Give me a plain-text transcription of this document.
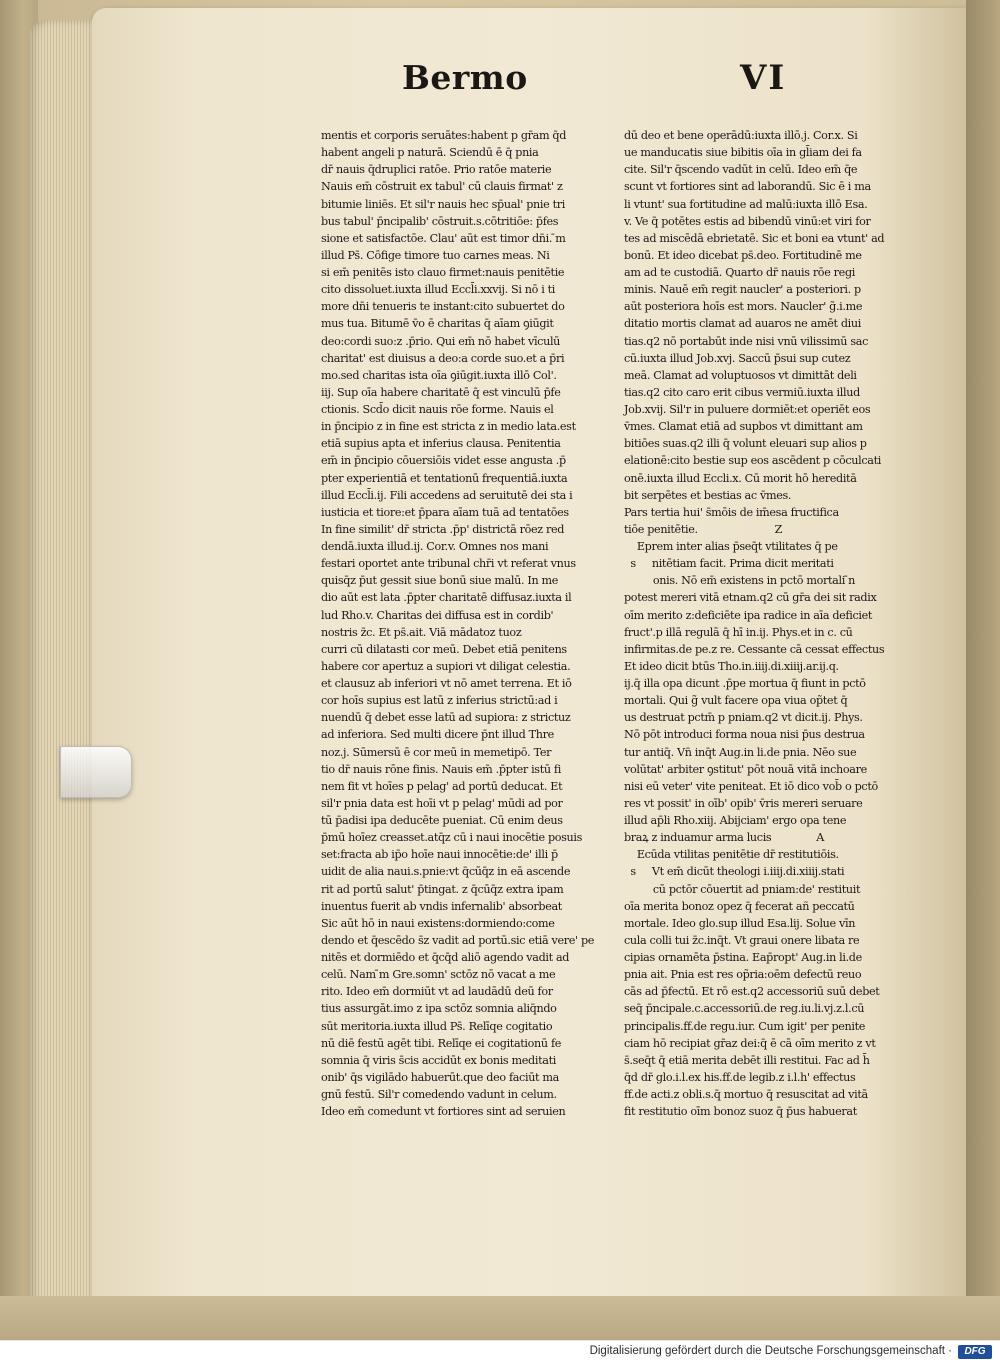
Bermo	VI
mentis et corporis seruātes:habent p gr̄am q̄d
habent angeli p naturā. Sciendū ē q̄ pnia
dr̄ nauis q̄druplici ratōe. Prio ratōe materie
Nauis em̄ cōstruit ex tabul' cū clauis firmat' z
bitumie liniēs. Et sil'r nauis hec sp̄ual' pnie tri
bus tabul' p̄ncipalib' cōstruit.s.cōtritiōe: p̄fes
sione et satisfactōe. Clau' aūt est timor dn̄i. ̄m
illud Ps̄. Cōfige timore tuo carnes meas. Ni
si em̄ penitēs isto clauo firmet:nauis penitētie
cito dissoluet.iuxta illud Eccl̄i.xxvij. Si nō i ti
more dn̄i tenueris te instant:cito subuertet do
mus tua. Bitumē v̄o ē charitas q̄ aīam ꝯiūgit
deo:cordi suo:z .p̄rio. Qui em̄ nō habet vīculū
charitat' est diuisus a deo:a corde suo.et a p̄ri
mo.sed charitas ista oīa ꝯiūgit.iuxta illō Col'.
iij. Sup oīa habere charitatē q̄ est vinculū p̄fe
ctionis. Scd̄o dicit nauis rōe forme. Nauis el
in p̄ncipio z in fine est stricta z in medio lata.est
etiā supius apta et inferius clausa. Penitentia
em̄ in p̄ncipio cōuersiōis videt esse angusta .p̄
pter experientiā et tentationū frequentiā.iuxta
illud Eccl̄i.ij. Fili accedens ad seruitutē dei sta i
iusticia et tiore:et p̄para aīam tuā ad tentatōes
In fine similit' dr̄ stricta .p̄p' districtā rōez red
dendā.iuxta illud.ij. Cor.v. Omnes nos mani
festari oportet ante tribunal chr̄i vt referat vnus
quisq̄z p̄ut gessit siue bonū siue malū. In me
dio aūt est lata .p̄pter charitatē diffusaz.iuxta il
lud Rho.v. Charitas dei diffusa est in cordib'
nostris z̄c. Et ps̄.ait. Viā mādatoz tuoz
curri cū dilatasti cor meū. Debet etiā penitens
habere cor apertuz a supiori vt diligat celestia.
et clausuz ab inferiori vt nō amet terrena. Et iō
cor hoīs supius est latū z inferius strictū:ad i
nuendū q̄ debet esse latū ad supiora: z strictuz
ad inferiora. Sed multi dicere p̄nt illud Thre
noz.j. Sūmersū ē cor meū in memetipō. Ter
tio dr̄ nauis rōne finis. Nauis em̄ .p̄pter istū fi
nem fit vt hoīes p pelag' ad portū deducat. Et
sil'r pnia data est hoīi vt p pelag' mūdi ad por
tū p̄adisi ipa deducēte pueniat. Cū enim deus
p̄mū hoīez creasset.atq̄z cū i naui inocētie posuis
set:fracta ab ip̄o hoīe naui innocētie:de' illi p̄
uidit de alia naui.s.pnie:vt q̄cūq̄z in eā ascende
rit ad portū salut' p̄tingat. z q̄cūq̄z extra ipam
inuentus fuerit ab vndis infernalib' absorbeat
Sic aūt hō in naui existens:dormiendo:come
dendo et q̄escēdo s̄z vadit ad portū.sic etiā vere' pe
nitēs et dormiēdo et q̄cq̄d aliō agendo vadit ad
celū. Nam ̄m Gre.somn' sctōz nō vacat a me
rito. Ideo em̄ dormiūt vt ad laudādū deū for
tius assurgāt.imo z ipa sctōz somnia aliq̄ndo
sūt meritoria.iuxta illud Ps̄. Relīqe cogitatio
nū diē festū agēt tibi. Relīqe ei cogitationū fe
somnia q̄ viris s̄cis accidūt ex bonis meditati
onib' q̄s vigilādo habuerūt.que deo faciūt ma
gnū festū. Sil'r comedendo vadunt in celum.
Ideo em̄ comedunt vt fortiores sint ad seruien
dū deo et bene operādū:iuxta illō.j. Cor.x. Si
ue manducatis siue bibitis oīa in gl̄iam dei fa
cite. Sil'r q̄scendo vadūt in celū. Ideo em̄ q̄e
scunt vt fortiores sint ad laborandū. Sic ē i ma
li vtunt' sua fortitudine ad malū:iuxta illō Esa.
v. Ve q̄ potētes estis ad bibendū vinū:et viri for
tes ad miscēdā ebrietatē. Sic et boni ea vtunt' ad
bonū. Et ideo dicebat ps̄.deo. Fortitudinē me
am ad te custodiā. Quarto dr̄ nauis rōe regi
minis. Nauē em̄ regit naucler' a posteriori. p
aūt posteriora hoīs est mors. Naucler' g̃.i.me
ditatio mortis clamat ad auaros ne amēt diui
tias.q2 nō portabūt inde nisi vnū vilissimū sac
cū.iuxta illud Job.xvj. Saccū p̄sui sup cutez
meā. Clamat ad voluptuosos vt dimittāt deli
tias.q2 cito caro erit cibus vermiū.iuxta illud
Job.xvij. Sil'r in puluere dormiēt:et operiēt eos
v̄mes. Clamat etiā ad supbos vt dimittant am
bitiōes suas.q2 illi q̄ volunt eleuari sup alios p
elationē:cito bestie sup eos ascēdent p cōculcati
onē.iuxta illud Eccli.x. Cū morit hō hereditā
bit serpētes et bestias ac v̄mes.
Pars tertia hui' s̄mōis de im̄esa fructifica
tiōe penitētie.                        Z
Eprem inter alias p̄seq̄t vtilitates q̄ pe
s     nitētiam facit. Prima dicit meritati
onis. Nō em̄ existens in pctō mortali ̄n
potest mereri vitā etnam.q2 cū gr̄a dei sit radix
oīm merito z:deficiēte ipa radice in aīa deficiet
fruct'.p illā regulā q̄ hī in.ij. Phys.et in c. cū
infirmitas.de pe.z re. Cessante cā cessat effectus
Et ideo dicit btūs Tho.in.iiij.di.xiiij.ar.ij.q.
ij.q̄ illa opa dicunt .p̄pe mortua q̄ fiunt in pctō
mortali. Qui g̃ vult facere opa viua op̃tet q̄
us destruat pctm̄ p pniam.q2 vt dicit.ij. Phys.
Nō pōt introduci forma noua nisi p̄us destrua
tur antiq̄. Vn̄ inq̄t Aug.in li.de pnia. Nēo sue
volūtat' arbiter ꝯstitut' pōt nouā vitā inchoare
nisi eū veter' vite peniteat. Et iō dico vob̄ o pctō
res vt possit' in oīb' opib' v̄ris mereri seruare
illud ap̄li Rho.xiij. Abijciam' ergo opa tene
braꝝ z induamur arma lucis              A
Ecūda vtilitas penitētie dr̄ restitutiōis.
s     Vt em̄ dicūt theologi i.iiij.di.xiiij.stati
cū pctōr cōuertit ad pniam:de' restituit
oīa merita bonoz opez q̄ fecerat añ peccatū
mortale. Ideo glo.sup illud Esa.lij. Solue vīn
cula colli tui z̄c.inq̄t. Vt graui onere libata re
cipias ornamēta p̄stina. Eap̄ropt' Aug.in li.de
pnia ait. Pnia est res op̃ria:oēm defectū reuo
cās ad p̄fectū. Et rō est.q2 accessoriū suū debet
seq̄ p̄ncipale.c.accessoriū.de reg.iu.li.vj.z.l.cū
principalis.ff.de regu.iur. Cum igit' per penite
ciam hō recipiat gr̄az dei:q̄ ē cā oīm merito z vt
s̄.seq̄t q̄ etiā merita debēt illi restitui. Fac ad h̄
q̄d dr̄ glo.i.l.ex his.ff.de legib.z i.l.h' effectus
ff.de acti.z obli.s.q̄ mortuo q̄ resuscitat ad vitā
fit restitutio oīm bonoz suoz q̄ p̄us habuerat

Digitalisierung gefördert durch die Deutsche Forschungsgemeinschaft ·	DFG
